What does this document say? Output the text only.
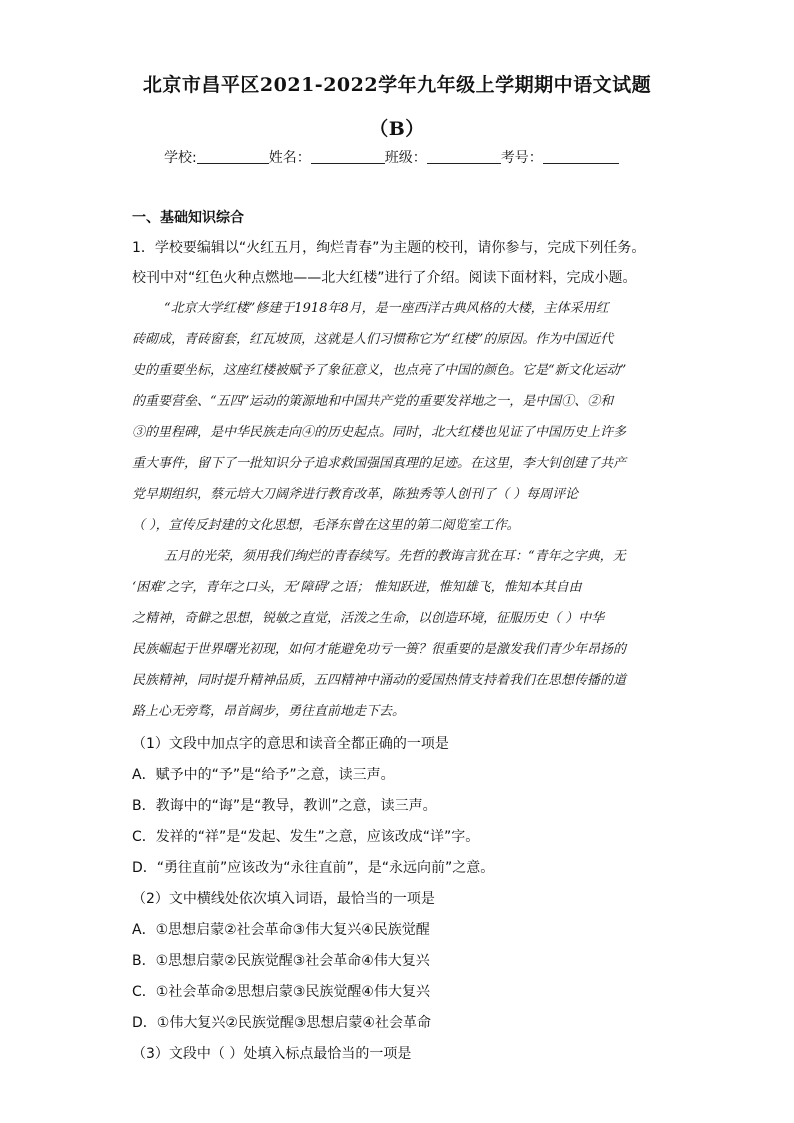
北京市昌平区2021-2022学年九年级上学期期中语文试题
（B）
学校:	姓名：	班级：	考号：
一、基础知识综合
1．学校要编辑以“火红五月，绚烂青春”为主题的校刊，请你参与，完成下列任务。
校刊中对“红色火种点燃地——北大红楼”进行了介绍。阅读下面材料，完成小题。
“北京大学红楼”修建于1918年8月，是一座西洋古典风格的大楼，主体采用红
砖砌成，青砖窗套，红瓦坡顶，这就是人们习惯称它为“红楼”的原因。作为中国近代
史的重要坐标，这座红楼被赋予了象征意义，也点亮了中国的颜色。它是“新文化运动”
的重要营垒、“五四”运动的策源地和中国共产党的重要发祥地之一，是中国①、②和
③的里程碑，是中华民族走向④的历史起点。同时，北大红楼也见证了中国历史上许多
重大事件，留下了一批知识分子追求救国强国真理的足迹。在这里，李大钊创建了共产
党早期组织，蔡元培大刀阔斧进行教育改革，陈独秀等人创刊了（ ）每周评论
（ ），宣传反封建的文化思想，毛泽东曾在这里的第二阅览室工作。
五月的光荣，须用我们绚烂的青春续写。先哲的教诲言犹在耳：“青年之字典，无
‘困难’之字，青年之口头，无‘障碍’之语； 惟知跃进，惟知雄飞，惟知本其自由
之精神，奇僻之思想，锐敏之直觉，活泼之生命，以创造环境，征服历史（ ）中华
民族崛起于世界曙光初现，如何才能避免功亏一篑？很重要的是激发我们青少年昂扬的
民族精神，同时提升精神品质，五四精神中涌动的爱国热情支持着我们在思想传播的道
路上心无旁骛，昂首阔步，勇往直前地走下去。
（1）文段中加点字的意思和读音全都正确的一项是
A．赋予中的“予”是“给予”之意，读三声。
B．教诲中的“诲”是“教导，教训”之意，读三声。
C．发祥的“祥”是“发起、发生”之意，应该改成“详”字。
D．“勇往直前”应该改为“永往直前”，是“永远向前”之意。
（2）文中横线处依次填入词语，最恰当的一项是
A．①思想启蒙②社会革命③伟大复兴④民族觉醒
B．①思想启蒙②民族觉醒③社会革命④伟大复兴
C．①社会革命②思想启蒙③民族觉醒④伟大复兴
D．①伟大复兴②民族觉醒③思想启蒙④社会革命
（3）文段中（ ）处填入标点最恰当的一项是
